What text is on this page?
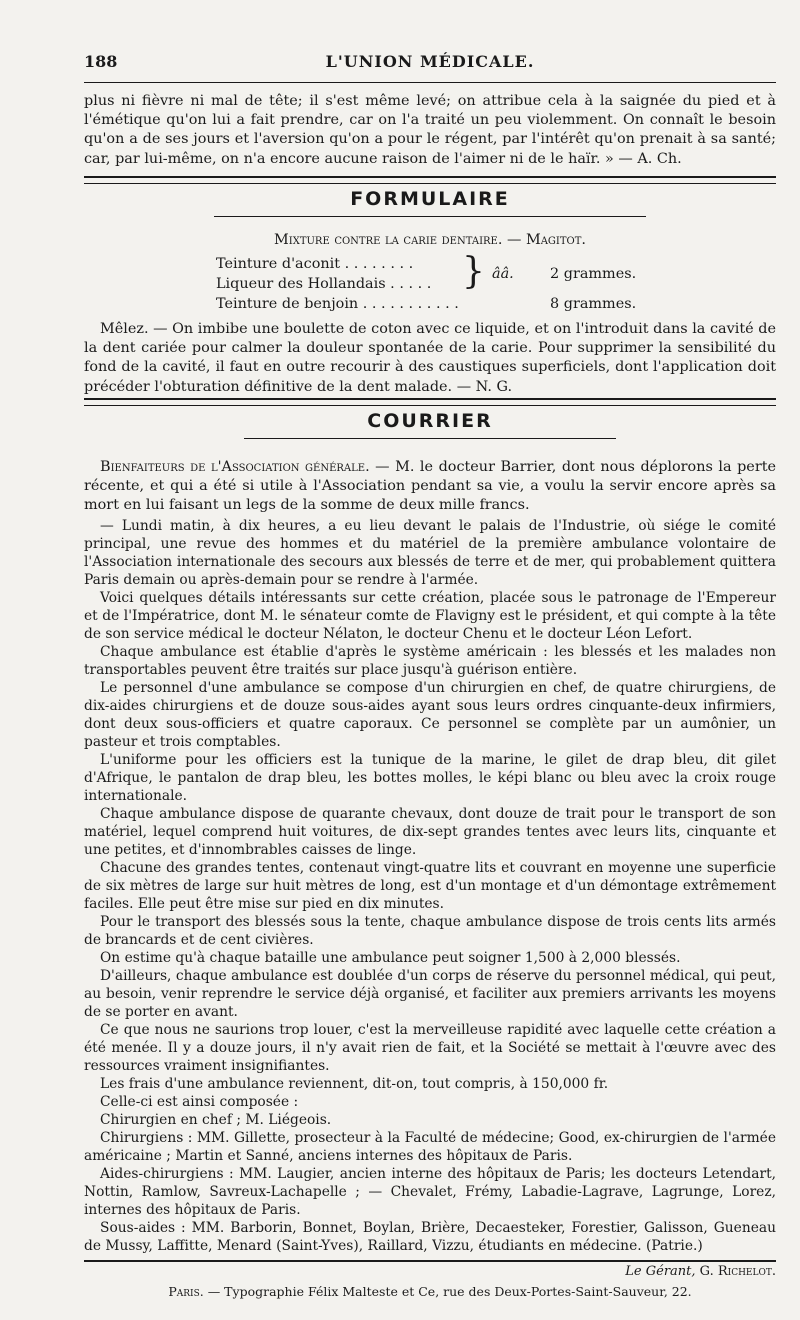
188	L'UNION MÉDICALE.

plus ni fièvre ni mal de tête; il s'est même levé; on attribue cela à la saignée du pied et à l'émétique qu'on lui a fait prendre, car on l'a traité un peu violemment. On connaît le besoin qu'on a de ses jours et l'aversion qu'on a pour le régent, par l'intérêt qu'on prenait à sa santé; car, par lui-même, on n'a encore aucune raison de l'aimer ni de le haïr. » — A. Ch.

FORMULAIRE
Mixture contre la carie dentaire. — Magitot.
Teinture d'aconit . . . . . . . .
Liqueur des Hollandais . . . . . } ââ.	2 grammes.
Teinture de benjoin . . . . . . . . . . .	8 grammes.

Mêlez. — On imbibe une boulette de coton avec ce liquide, et on l'introduit dans la cavité de la dent cariée pour calmer la douleur spontanée de la carie. Pour supprimer la sensibilité du fond de la cavité, il faut en outre recourir à des caustiques superficiels, dont l'application doit précéder l'obturation définitive de la dent malade. — N. G.

COURRIER

Bienfaiteurs de l'Association générale. — M. le docteur Barrier, dont nous déplorons la perte récente, et qui a été si utile à l'Association pendant sa vie, a voulu la servir encore après sa mort en lui faisant un legs de la somme de deux mille francs.

— Lundi matin, à dix heures, a eu lieu devant le palais de l'Industrie, où siége le comité principal, une revue des hommes et du matériel de la première ambulance volontaire de l'Association internationale des secours aux blessés de terre et de mer, qui probablement quittera Paris demain ou après-demain pour se rendre à l'armée.

Voici quelques détails intéressants sur cette création, placée sous le patronage de l'Empereur et de l'Impératrice, dont M. le sénateur comte de Flavigny est le président, et qui compte à la tête de son service médical le docteur Nélaton, le docteur Chenu et le docteur Léon Lefort.

Chaque ambulance est établie d'après le système américain : les blessés et les malades non transportables peuvent être traités sur place jusqu'à guérison entière.

Le personnel d'une ambulance se compose d'un chirurgien en chef, de quatre chirurgiens, de dix-aides chirurgiens et de douze sous-aides ayant sous leurs ordres cinquante-deux infirmiers, dont deux sous-officiers et quatre caporaux. Ce personnel se complète par un aumônier, un pasteur et trois comptables.

L'uniforme pour les officiers est la tunique de la marine, le gilet de drap bleu, dit gilet d'Afrique, le pantalon de drap bleu, les bottes molles, le képi blanc ou bleu avec la croix rouge internationale.

Chaque ambulance dispose de quarante chevaux, dont douze de trait pour le transport de son matériel, lequel comprend huit voitures, de dix-sept grandes tentes avec leurs lits, cinquante et une petites, et d'innombrables caisses de linge.

Chacune des grandes tentes, contenaut vingt-quatre lits et couvrant en moyenne une superficie de six mètres de large sur huit mètres de long, est d'un montage et d'un démontage extrêmement faciles. Elle peut être mise sur pied en dix minutes.

Pour le transport des blessés sous la tente, chaque ambulance dispose de trois cents lits armés de brancards et de cent civières.

On estime qu'à chaque bataille une ambulance peut soigner 1,500 à 2,000 blessés.

D'ailleurs, chaque ambulance est doublée d'un corps de réserve du personnel médical, qui peut, au besoin, venir reprendre le service déjà organisé, et faciliter aux premiers arrivants les moyens de se porter en avant.

Ce que nous ne saurions trop louer, c'est la merveilleuse rapidité avec laquelle cette création a été menée. Il y a douze jours, il n'y avait rien de fait, et la Société se mettait à l'œuvre avec des ressources vraiment insignifiantes.

Les frais d'une ambulance reviennent, dit-on, tout compris, à 150,000 fr.

Celle-ci est ainsi composée :

Chirurgien en chef ; M. Liégeois.

Chirurgiens : MM. Gillette, prosecteur à la Faculté de médecine; Good, ex-chirurgien de l'armée américaine ; Martin et Sanné, anciens internes des hôpitaux de Paris.

Aides-chirurgiens : MM. Laugier, ancien interne des hôpitaux de Paris; les docteurs Letendart, Nottin, Ramlow, Savreux-Lachapelle ; — Chevalet, Frémy, Labadie-Lagrave, Lagrunge, Lorez, internes des hôpitaux de Paris.

Sous-aides : MM. Barborin, Bonnet, Boylan, Brière, Decaesteker, Forestier, Galisson, Gueneau de Mussy, Laffitte, Menard (Saint-Yves), Raillard, Vizzu, étudiants en médecine. (Patrie.)

Le Gérant, G. Richelot.
Paris. — Typographie Félix Malteste et Ce, rue des Deux-Portes-Saint-Sauveur, 22.
